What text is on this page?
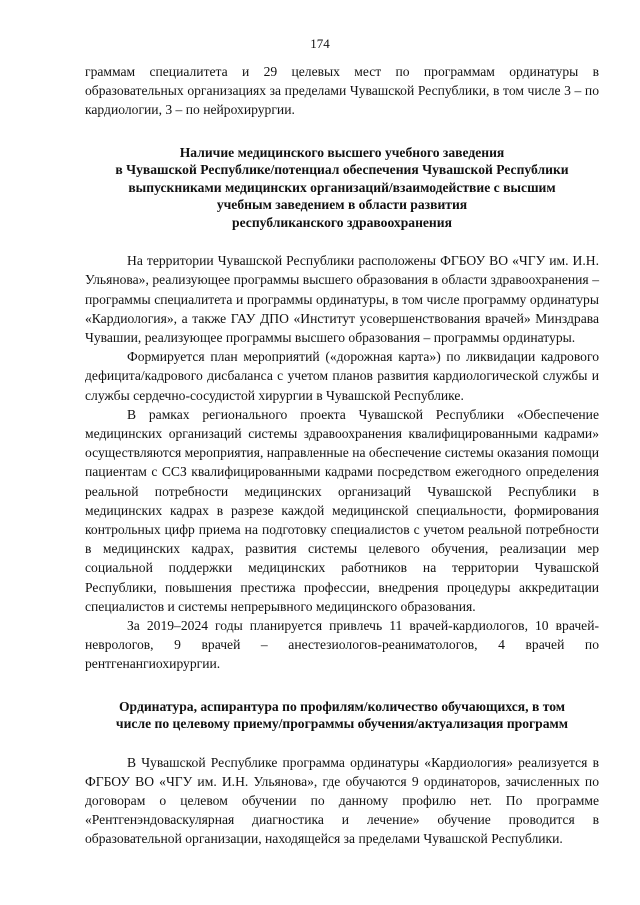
174

граммам специалитета и 29 целевых мест по программам ординатуры в образовательных организациях за пределами Чувашской Республики, в том числе 3 – по кардиологии, 3 – по нейрохирургии.

Наличие медицинского высшего учебного заведения
в Чувашской Республике/потенциал обеспечения Чувашской Республики
выпускниками медицинских организаций/взаимодействие с высшим
учебным заведением в области развития
республиканского здравоохранения

На территории Чувашской Республики расположены ФГБОУ ВО «ЧГУ им. И.Н. Ульянова», реализующее программы высшего образования в области здравоохранения – программы специалитета и программы ординатуры, в том числе программу ординатуры «Кардиология», а также ГАУ ДПО «Институт усовершенствования врачей» Минздрава Чувашии, реализующее программы высшего образования – программы ординатуры.

Формируется план мероприятий («дорожная карта») по ликвидации кадрового дефицита/кадрового дисбаланса с учетом планов развития кардиологической службы и службы сердечно-сосудистой хирургии в Чувашской Республике.

В рамках регионального проекта Чувашской Республики «Обеспечение медицинских организаций системы здравоохранения квалифицированными кадрами» осуществляются мероприятия, направленные на обеспечение системы оказания помощи пациентам с ССЗ квалифицированными кадрами посредством ежегодного определения реальной потребности медицинских организаций Чувашской Республики в медицинских кадрах в разрезе каждой медицинской специальности, формирования контрольных цифр приема на подготовку специалистов с учетом реальной потребности в медицинских кадрах, развития системы целевого обучения, реализации мер социальной поддержки медицинских работников на территории Чувашской Республики, повышения престижа профессии, внедрения процедуры аккредитации специалистов и системы непрерывного медицинского образования.

За 2019–2024 годы планируется привлечь 11 врачей-кардиологов, 10 врачей-неврологов, 9 врачей – анестезиологов-реаниматологов, 4 врачей по рентгенангиохирургии.

Ординатура, аспирантура по профилям/количество обучающихся, в том
числе по целевому приему/программы обучения/актуализация программ

В Чувашской Республике программа ординатуры «Кардиология» реализуется в ФГБОУ ВО «ЧГУ им. И.Н. Ульянова», где обучаются 9 ординаторов, зачисленных по договорам о целевом обучении по данному профилю нет. По программе «Рентгенэндоваскулярная диагностика и лечение» обучение проводится в образовательной организации, находящейся за пределами Чувашской Республики.
